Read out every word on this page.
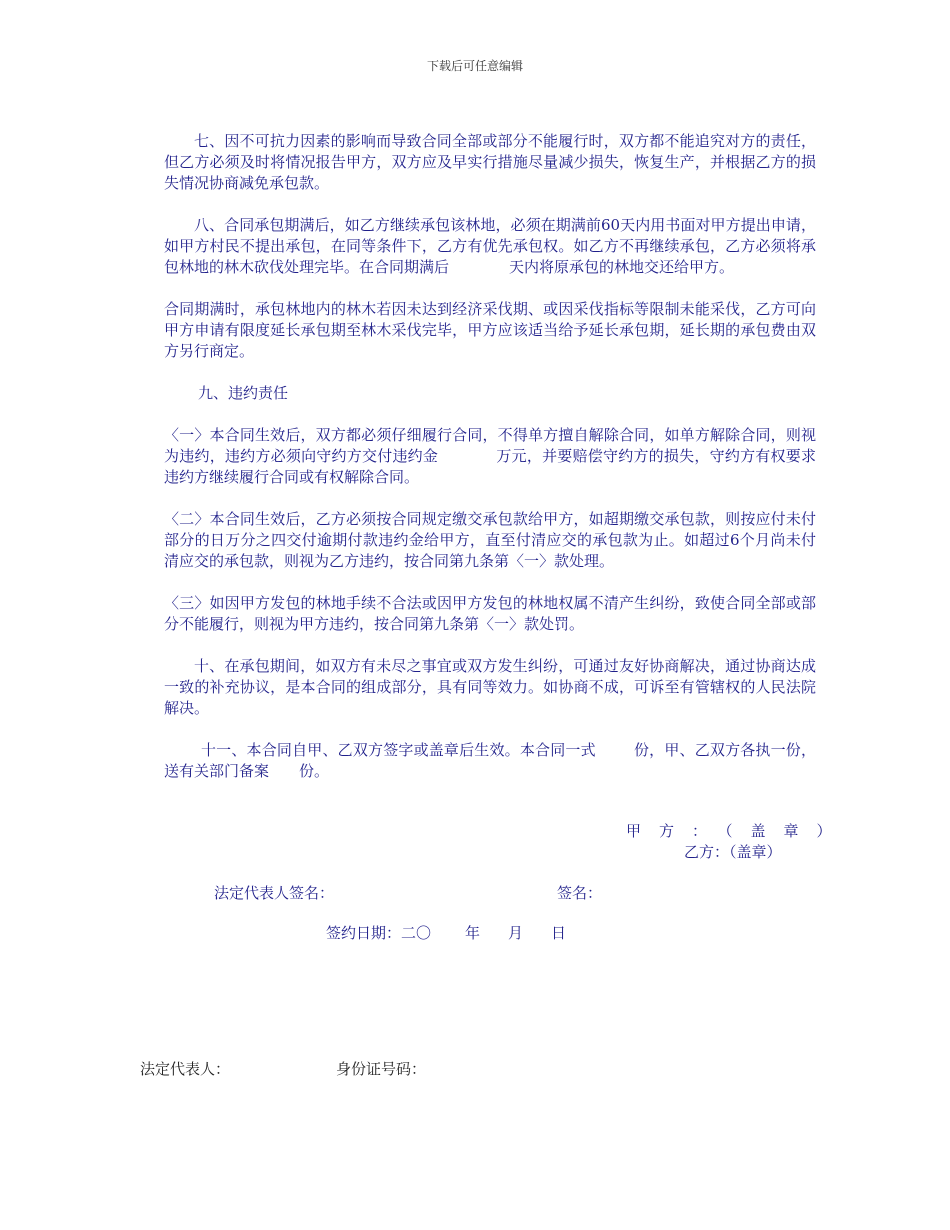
下载后可任意编辑

七、因不可抗力因素的影响而导致合同全部或部分不能履行时，双方都不能追究对方的责任，但乙方必须及时将情况报告甲方，双方应及早实行措施尽量减少损失，恢复生产，并根据乙方的损失情况协商减免承包款。

八、合同承包期满后，如乙方继续承包该林地，必须在期满前60天内用书面对甲方提出申请，如甲方村民不提出承包，在同等条件下，乙方有优先承包权。如乙方不再继续承包，乙方必须将承包林地的林木砍伐处理完毕。在合同期满后	天内将原承包的林地交还给甲方。

合同期满时，承包林地内的林木若因未达到经济采伐期、或因采伐指标等限制未能采伐，乙方可向甲方申请有限度延长承包期至林木采伐完毕，甲方应该适当给予延长承包期，延长期的承包费由双方另行商定。

九、违约责任

〈一〉本合同生效后，双方都必须仔细履行合同，不得单方擅自解除合同，如单方解除合同，则视为违约，违约方必须向守约方交付违约金	万元，并要赔偿守约方的损失，守约方有权要求违约方继续履行合同或有权解除合同。

〈二〉本合同生效后，乙方必须按合同规定缴交承包款给甲方，如超期缴交承包款，则按应付未付部分的日万分之四交付逾期付款违约金给甲方，直至付清应交的承包款为止。如超过6个月尚未付清应交的承包款，则视为乙方违约，按合同第九条第〈一〉款处理。

〈三〉如因甲方发包的林地手续不合法或因甲方发包的林地权属不清产生纠纷，致使合同全部或部分不能履行，则视为甲方违约，按合同第九条第〈一〉款处罚。

十、在承包期间，如双方有未尽之事宜或双方发生纠纷，可通过友好协商解决，通过协商达成一致的补充协议，是本合同的组成部分，具有同等效力。如协商不成，可诉至有管辖权的人民法院解决。

十一、本合同自甲、乙双方签字或盖章后生效。本合同一式	份，甲、乙双方各执一份，送有关部门备案 份。

甲方：（盖章）
乙方：（盖章）
法定代表人签名：	签名：
签约日期：二〇 年 月 日
法定代表人：	身份证号码：
